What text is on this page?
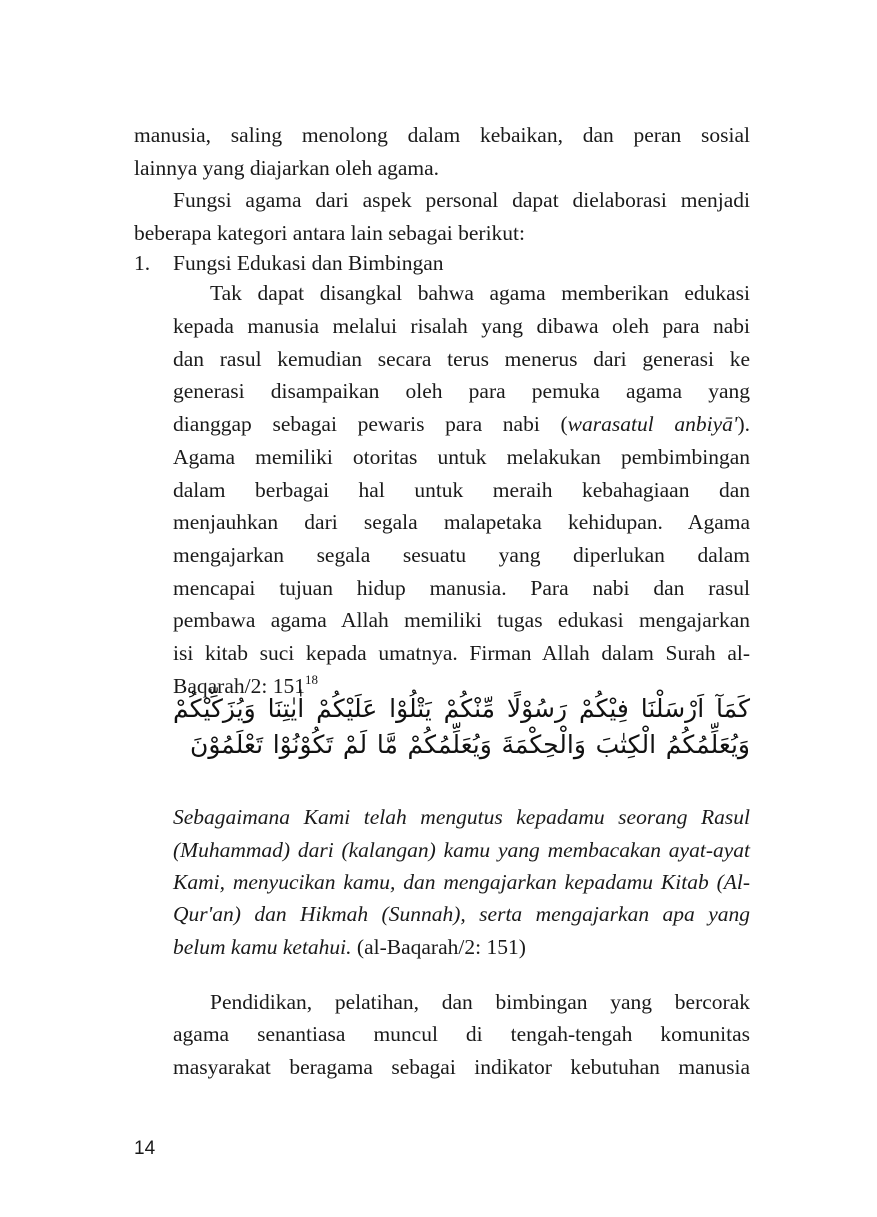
manusia, saling menolong dalam kebaikan, dan peran sosial
lainnya yang diajarkan oleh agama.
Fungsi agama dari aspek personal dapat dielaborasi menjadi
beberapa kategori antara lain sebagai berikut:
1. Fungsi Edukasi dan Bimbingan
Tak dapat disangkal bahwa agama memberikan edukasi
kepada manusia melalui risalah yang dibawa oleh para nabi
dan rasul kemudian secara terus menerus dari generasi ke
generasi disampaikan oleh para pemuka agama yang
dianggap sebagai pewaris para nabi (warasatul anbiyā').
Agama memiliki otoritas untuk melakukan pembimbingan
dalam berbagai hal untuk meraih kebahagiaan dan
menjauhkan dari segala malapetaka kehidupan. Agama
mengajarkan segala sesuatu yang diperlukan dalam
mencapai tujuan hidup manusia. Para nabi dan rasul
pembawa agama Allah memiliki tugas edukasi mengajarkan
isi kitab suci kepada umatnya. Firman Allah dalam Surah al-
Baqarah/2: $151^{18}$
كَمَآ اَرْسَلْنَا فِيْكُمْ رَسُوْلًا مِّنْكُمْ يَتْلُوْا عَلَيْكُمْ اٰيٰتِنَا وَيُزَكِّيْكُمْ
وَيُعَلِّمُكُمُ الْكِتٰبَ وَالْحِكْمَةَ وَيُعَلِّمُكُمْ مَّا لَمْ تَكُوْنُوْا تَعْلَمُوْنَ
Sebagaimana Kami telah mengutus kepadamu seorang Rasul
(Muhammad) dari (kalangan) kamu yang membacakan ayat-ayat
Kami, menyucikan kamu, dan mengajarkan kepadamu Kitab (Al-
Qur'an) dan Hikmah (Sunnah), serta mengajarkan apa yang
belum kamu ketahui. (al-Baqarah/2: 151)
Pendidikan, pelatihan, dan bimbingan yang bercorak
agama senantiasa muncul di tengah-tengah komunitas
masyarakat beragama sebagai indikator kebutuhan manusia
14
